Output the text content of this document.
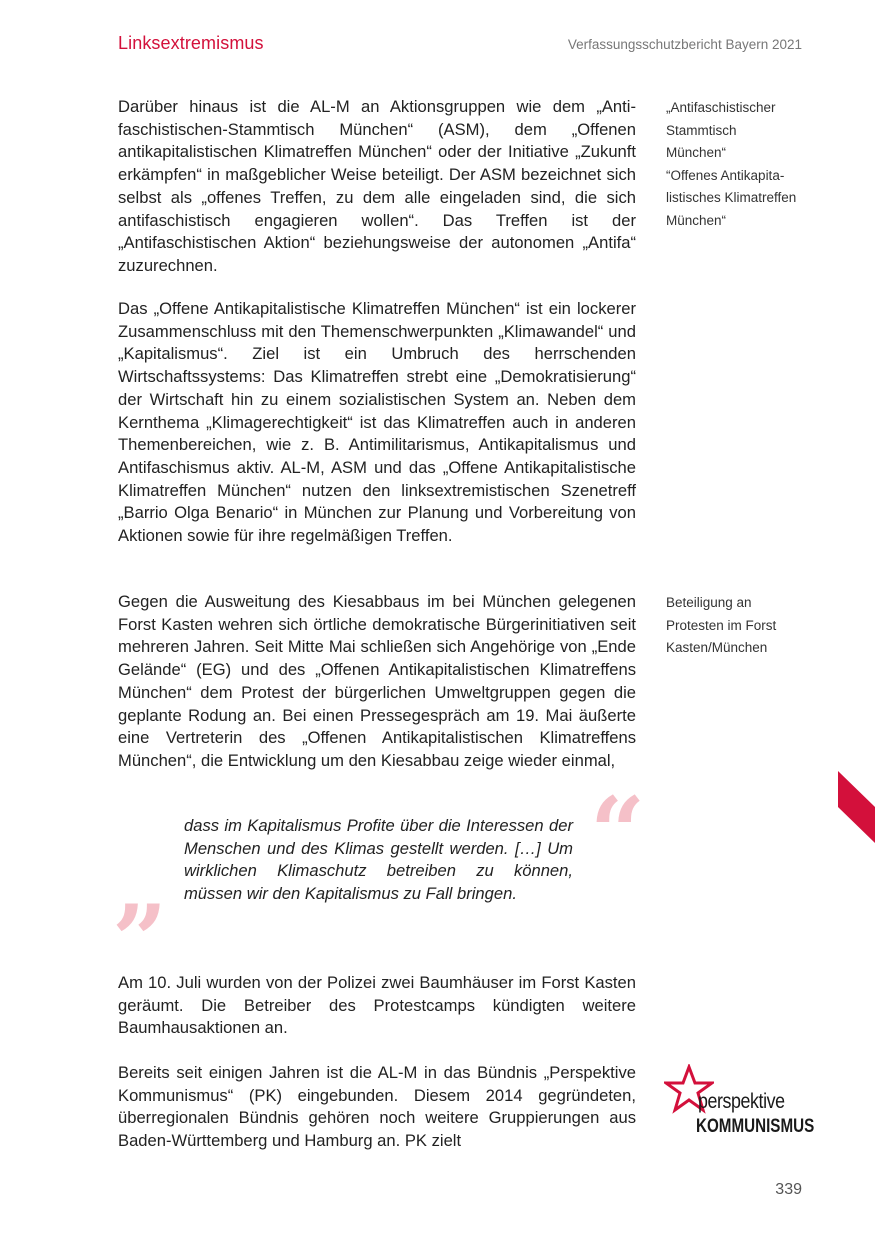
Linksextremismus	Verfassungsschutzbericht Bayern 2021

Darüber hinaus ist die AL-M an Aktionsgruppen wie dem „Antifaschistischen-Stammtisch München“ (ASM), dem „Offenen antikapitalistischen Klimatreffen München“ oder der Initiative „Zukunft erkämpfen“ in maßgeblicher Weise beteiligt. Der ASM bezeichnet sich selbst als „offenes Treffen, zu dem alle eingeladen sind, die sich antifaschistisch engagieren wollen“. Das Treffen ist der „Antifaschistischen Aktion“ beziehungsweise der autonomen „Antifa“ zuzurechnen.

Das „Offene Antikapitalistische Klimatreffen München“ ist ein lockerer Zusammenschluss mit den Themenschwerpunkten „Klimawandel“ und „Kapitalismus“. Ziel ist ein Umbruch des herrschenden Wirtschaftssystems: Das Klimatreffen strebt eine „Demokratisierung“ der Wirtschaft hin zu einem sozialistischen System an. Neben dem Kernthema „Klimagerechtigkeit“ ist das Klimatreffen auch in anderen Themenbereichen, wie z. B. Antimilitarismus, Antikapitalismus und Antifaschismus aktiv. AL-M, ASM und das „Offene Antikapitalistische Klimatreffen München“ nutzen den linksextremistischen Szenetreff „Barrio Olga Benario“ in München zur Planung und Vorbereitung von Aktionen sowie für ihre regelmäßigen Treffen.

Gegen die Ausweitung des Kiesabbaus im bei München gelegenen Forst Kasten wehren sich örtliche demokratische Bürgerinitiativen seit mehreren Jahren. Seit Mitte Mai schließen sich Angehörige von „Ende Gelände“ (EG) und des „Offenen Antikapitalistischen Klimatreffens München“ dem Protest der bürgerlichen Umweltgruppen gegen die geplante Rodung an. Bei einen Pressegespräch am 19. Mai äußerte eine Vertreterin des „Offenen Antikapitalistischen Klimatreffens München“, die Entwicklung um den Kiesabbau zeige wieder einmal,

“
dass im Kapitalismus Profite über die Interessen der Menschen und des Klimas gestellt werden. […] Um wirklichen Klimaschutz betreiben zu können, müssen wir den Kapitalismus zu Fall bringen.
”

Am 10. Juli wurden von der Polizei zwei Baumhäuser im Forst Kasten geräumt. Die Betreiber des Protestcamps kündigten weitere Baumhausaktionen an.

Bereits seit einigen Jahren ist die AL-M in das Bündnis „Perspektive Kommunismus“ (PK) eingebunden. Diesem 2014 gegründeten, überregionalen Bündnis gehören noch weitere Gruppierungen aus Baden-Württemberg und Hamburg an. PK zielt

„Antifaschistischer
Stammtisch
München“
“Offenes Antikapita-
listisches Klimatreffen
München“
Beteiligung an
Protesten im Forst
Kasten/München
perspektive
KOMMUNISMUS
339
